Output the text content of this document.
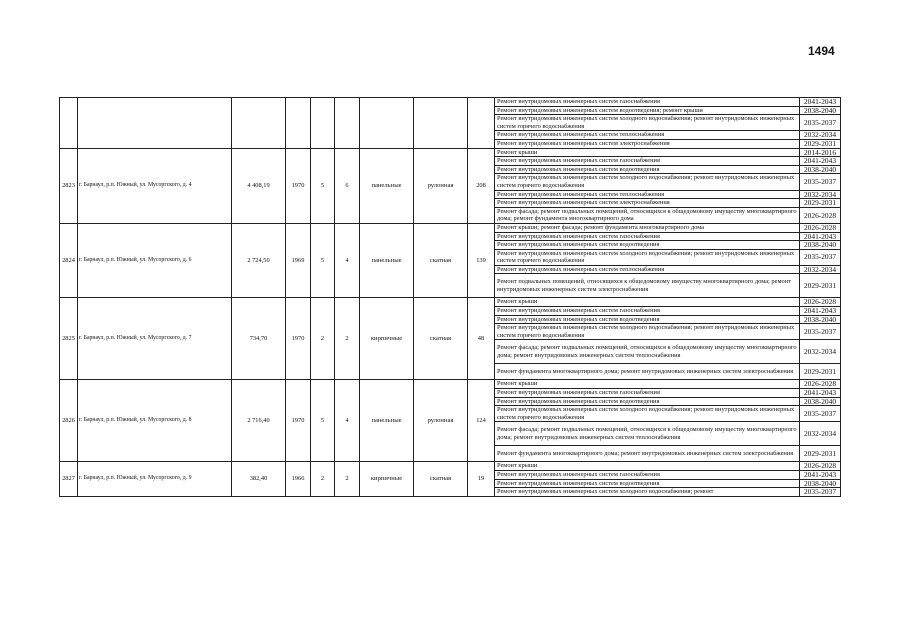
1494
									Ремонт внутридомовых инженерных систем газоснабжения	2041-2043
									Ремонт внутридомовых инженерных систем водоотведения; ремонт крыши	2038-2040
									Ремонт внутридомовых инженерных систем холодного водоснабжения; ремонт внутридомовых инженерных систем горячего водоснабжения	2035-2037
									Ремонт внутридомовых инженерных систем теплоснабжения	2032-2034
									Ремонт внутридомовых инженерных систем электроснабжения	2029-2031
2823	г. Барнаул, р.п. Южный, ул. Мусоргского, д. 4	4 408,19	1970	5	6	панельные	рулонная	208	Ремонт крыши	2014-2016
									Ремонт внутридомовых инженерных систем газоснабжения	2041-2043
									Ремонт внутридомовых инженерных систем водоотведения	2038-2040
									Ремонт внутридомовых инженерных систем холодного водоснабжения; ремонт внутридомовых инженерных систем горячего водоснабжения	2035-2037
									Ремонт внутридомовых инженерных систем теплоснабжения	2032-2034
									Ремонт внутридомовых инженерных систем электроснабжения	2029-2031
									Ремонт фасада; ремонт подвальных помещений, относящихся к общедомовому имуществу многоквартирного дома; ремонт фундамента многоквартирного дома	2026-2028
2824	г. Барнаул, р.п. Южный, ул. Мусоргского, д. 6	2 724,50	1969	5	4	панельные	скатная	139	Ремонт крыши; ремонт фасада; ремонт фундамента многоквартирного дома	2026-2028
									Ремонт внутридомовых инженерных систем газоснабжения	2041-2043
									Ремонт внутридомовых инженерных систем водоотведения	2038-2040
									Ремонт внутридомовых инженерных систем холодного водоснабжения; ремонт внутридомовых инженерных систем горячего водоснабжения	2035-2037
									Ремонт внутридомовых инженерных систем теплоснабжения	2032-2034
									Ремонт подвальных помещений, относящихся к общедомовому имуществу многоквартирного дома; ремонт внутридомовых инженерных систем электроснабжения	2029-2031
2825	г. Барнаул, р.п. Южный, ул. Мусоргского, д. 7	734,70	1970	2	2	кирпичные	скатная	48	Ремонт крыши	2026-2028
									Ремонт внутридомовых инженерных систем газоснабжения	2041-2043
									Ремонт внутридомовых инженерных систем водоотведения	2038-2040
									Ремонт внутридомовых инженерных систем холодного водоснабжения; ремонт внутридомовых инженерных систем горячего водоснабжения	2035-2037
									Ремонт фасада; ремонт подвальных помещений, относящихся к общедомовому имуществу многоквартирного дома; ремонт внутридомовых инженерных систем теплоснабжения	2032-2034
									Ремонт фундамента многоквартирного дома; ремонт внутридомовых инженерных систем электроснабжения	2029-2031
2826	г. Барнаул, р.п. Южный, ул. Мусоргского, д. 8	2 716,40	1970	5	4	панельные	рулонная	124	Ремонт крыши	2026-2028
									Ремонт внутридомовых инженерных систем газоснабжения	2041-2043
									Ремонт внутридомовых инженерных систем водоотведения	2038-2040
									Ремонт внутридомовых инженерных систем холодного водоснабжения; ремонт внутридомовых инженерных систем горячего водоснабжения	2035-2037
									Ремонт фасада; ремонт подвальных помещений, относящихся к общедомовому имуществу многоквартирного дома; ремонт внутридомовых инженерных систем теплоснабжения	2032-2034
									Ремонт фундамента многоквартирного дома; ремонт внутридомовых инженерных систем электроснабжения	2029-2031
2827	г. Барнаул, р.п. Южный, ул. Мусоргского, д. 9	382,40	1966	2	2	кирпичные	скатная	19	Ремонт крыши	2026-2028
									Ремонт внутридомовых инженерных систем газоснабжения	2041-2043
									Ремонт внутридомовых инженерных систем водоотведения	2038-2040
									Ремонт внутридомовых инженерных систем холодного водоснабжения; ремонт	2035-2037
